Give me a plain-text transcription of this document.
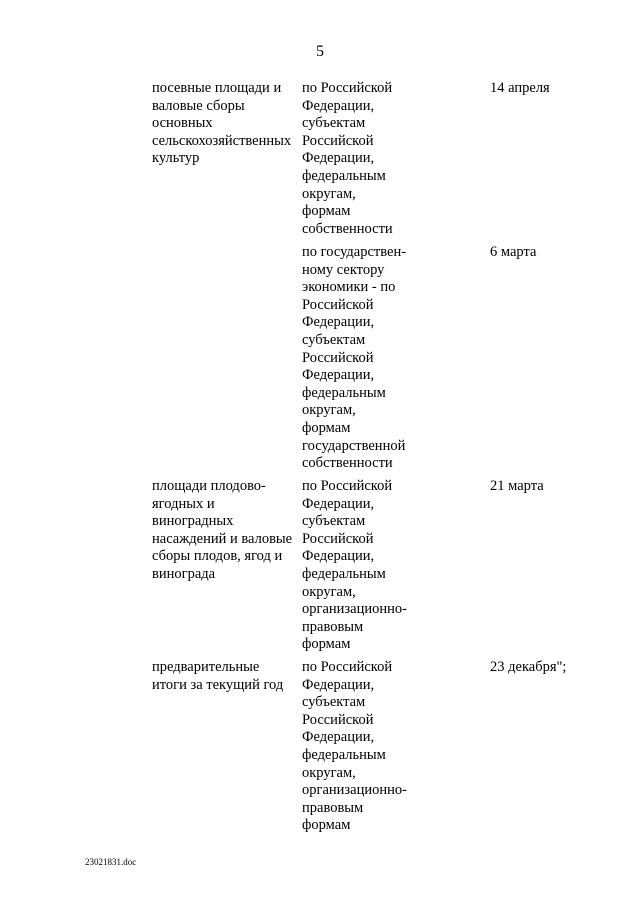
5
посевные площади и
валовые сборы
основных
сельскохозяйственных
культур
по Российской
Федерации,
субъектам
Российской
Федерации,
федеральным
округам,
формам
собственности
14 апреля
по государствен-
ному сектору
экономики - по
Российской
Федерации,
субъектам
Российской
Федерации,
федеральным
округам,
формам
государственной
собственности
6 марта
площади плодово-
ягодных и
виноградных
насаждений и валовые
сборы плодов, ягод и
винограда
по Российской
Федерации,
субъектам
Российской
Федерации,
федеральным
округам,
организационно-
правовым
формам
21 марта
предварительные
итоги за текущий год
по Российской
Федерации,
субъектам
Российской
Федерации,
федеральным
округам,
организационно-
правовым
формам
23 декабря";
23021831.doc
